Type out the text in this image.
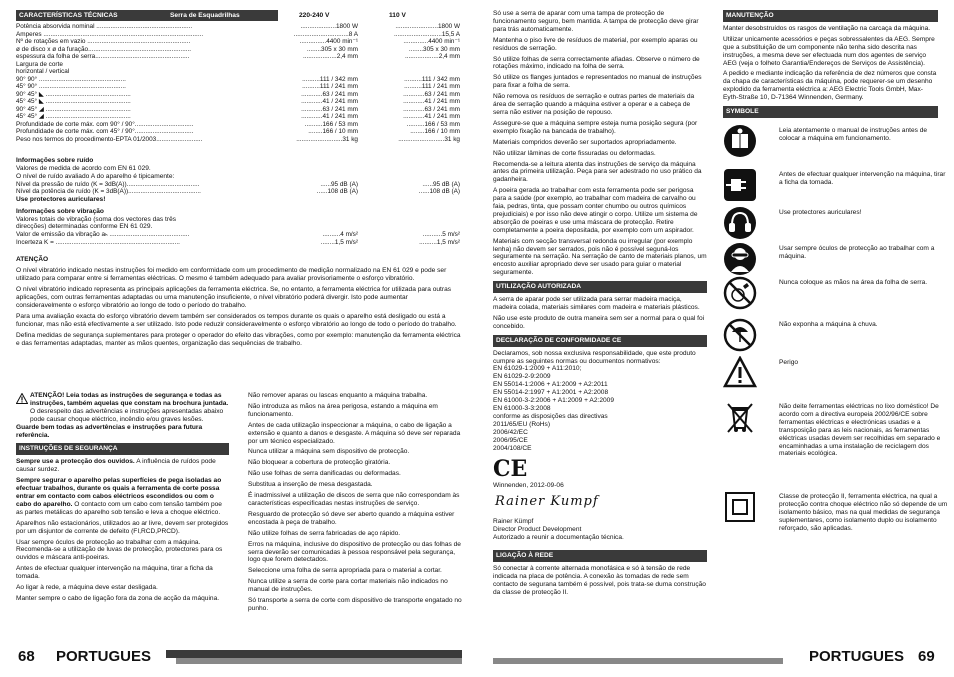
CARACTERÍSTICAS TÉCNICAS	Serra de Esquadrilhas	220-240 V	110 V
Potência absorvida nominal ......................................................	....................1800 W	........................1800 W
Amperes ..........................................................................................	...............................8 A	...........................15,5 A
Nº de rotações em vazio ..........................................................	...............4400 min⁻¹	..............4400 min⁻¹
ø de disco x ø da furação..........................................................	........305 x 30 mm	........305 x 30 mm
espessura da folha de serra.....................................................	...................2,4 mm	...................2,4 mm
Largura de corte		
horizontal / vertical		
90° 90° .................................................	..........111 / 342 mm	..........111 / 342 mm
45° 90° .................................................	..........111 / 241 mm	..........111 / 241 mm
90° 45° ◣ ................................................	............63 / 241 mm	............63 / 241 mm
45° 45° ◣ ................................................	............41 / 241 mm	............41 / 241 mm
90° 45° ◢ ................................................	............63 / 241 mm	............63 / 241 mm
45° 45° ◢ ................................................	............41 / 241 mm	............41 / 241 mm
Profundidade de corte máx. com 90° / 90°.................................	..........166 / 53 mm	..........166 / 53 mm
Profundidade de corte máx. com 45° / 90°.................................	........166 / 10 mm	........166 / 10 mm
Peso nos termos do procedimento-EPTA 01/2003..........................	..........................31 kg	..........................31 kg
Informações sobre ruído
Valores de medida de acordo com EN 61 029.
O nível de ruído avaliado A do aparelho é tipicamente:
Nível da pressão de ruído (K = 3dB(A)).........................................	......95 dB (A)	......95 dB (A)
Nível da potência de ruído (K = 3dB(A)).........................................	......108 dB (A)	......108 dB (A)
Use protectores auriculares!
Informações sobre vibração
Valores totais de vibração (soma dos vectores das três
direcções) determinadas conforme EN 61 029.
Valor de emissão da vibração aₕ .............................................	..........4 m/s²	...........5 m/s²
Incerteza K = ......................................................................	........1,5 m/s²	..........1,5 m/s²
ATENÇÃO

O nível vibratório indicado nestas instruções foi medido em conformidade com um procedimento de medição normalizado na EN 61 029 e pode ser utilizado para comparar entre si ferramentas eléctricas. O mesmo é também adequado para avaliar provisoriamente o esforço vibratório.

O nível vibratório indicado representa as principais aplicações da ferramenta eléctrica. Se, no entanto, a ferramenta eléctrica for utilizada para outras aplicações, com outras ferramentas adaptadas ou uma manutenção insuficiente, o nível vibratório poderá divergir. Isto pode aumentar consideravelmente o esforço vibratório ao longo de todo o período do trabalho.

Para uma avaliação exacta do esforço vibratório devem também ser considerados os tempos durante os quais o aparelho está desligado ou está a funcionar, mas não está efectivamente a ser utilizado. Isto pode reduzir consideravelmente o esforço vibratório ao longo de todo o período do trabalho.

Defina medidas de segurança suplementares para proteger o operador do efeito das vibrações, como por exemplo: manutenção da ferramenta eléctrica e das ferramentas adaptadas, manter as mãos quentes, organização das sequências de trabalho.

ATENÇÃO! Leia todas as instruções de segurança e todas as instruções, também aquelas que constam na brochura juntada. O desrespeito das advertências e instruções apresentadas abaixo pode causar choque eléctrico, incêndio e/ou graves lesões.
Guarde bem todas as advertências e instruções para futura referência.
INSTRUÇÕES DE SEGURANÇA

Sempre use a protecção dos ouvidos. A influência de ruídos pode causar surdez.

Sempre segurar o aparelho pelas superfícies de pega isoladas ao efectuar trabalhos, durante os quais a ferramenta de corte possa entrar em contacto com cabos eléctricos escondidos ou com o cabo do aparelho. O contacto com um cabo com tensão também poe as partes metálicas do aparelho sob tensão e leva a choque eléctrico.

Aparelhos não estacionários, utilizados ao ar livre, devem ser protegidos por um disjuntor de corrente de defeito (FI,RCD,PRCD).

Usar sempre óculos de protecção ao trabalhar com a máquina. Recomenda-se a utilização de luvas de protecção, protectores para os ouvidos e máscara anti-poeiras.

Antes de efectuar qualquer intervenção na máquina, tirar a ficha da tomada.

Ao ligar à rede, a máquina deve estar desligada.

Manter sempre o cabo de ligação fora da zona de acção da máquina.

Não remover aparas ou lascas enquanto a máquina trabalha.

Não introduza as mãos na área perigosa, estando a máquina em funcionamento.

Antes de cada utilização inspeccionar a máquina, o cabo de ligação a extensão e quanto a danos e desgaste. A máquina só deve ser reparada por um técnico especializado.

Nunca utilizar a máquina sem dispositivo de protecção.

Não bloquear a cobertura de protecção giratória.

Não use folhas de serra danificadas ou deformadas.

Substitua a inserção de mesa desgastada.

É inadmissível a utilização de discos de serra que não correspondam às características especificadas nestas instruções de serviço.

Resguardo de protecção só deve ser aberto quando a máquina estiver encostada à peça de trabalho.

Não utilize folhas de serra fabricadas de aço rápido.

Erros na máquina, inclusive do dispositivo de protecção ou das folhas de serra deverão ser comunicadas à pessoa responsável pela segurança, logo que forem detectados.

Seleccione uma folha de serra apropriada para o material a cortar.

Nunca utilize a serra de corte para cortar materiais não indicados no manual de instruções.

Só transporte a serra de corte com dispositivo de transporte engatado no punho.

68 PORTUGUES

Só use a serra de aparar com uma tampa de protecção de funcionamento seguro, bem mantida. A tampa de protecção deve girar para trás automaticamente.

Mantenha o piso livre de resíduos de material, por exemplo aparas ou resíduos de serração.

Só utilize folhas de serra correctamente afiadas. Observe o número de rotações máximo, indicado na folha de serra.

Só utilize os flanges juntados e representados no manual de instruções para fixar a folha de serra.

Não remova os resíduos de serração e outras partes de materiais da área de serração quando a máquina estiver a operar e a cabeça de serra não estiver na posição de repouso.

Assegure-se que a máquina sempre esteja numa posição segura (por exemplo fixação na bancada de trabalho).

Materiais compridos deverão ser suportados apropriadamente.

Não utilizar lâminas de corte fissuradas ou deformadas.

Recomenda-se a leitura atenta das instruções de serviço da máquina antes da primeira utilização. Peça para ser adestrado no uso prático da gadanheira.

A poeira gerada ao trabalhar com esta ferramenta pode ser perigosa para a saúde (por exemplo, ao trabalhar com madeira de carvalho ou faia, pedras, tinta, que possam conter chumbo ou outros químicos prejudiciais) e por isso não deve atingir o corpo. Utilize um sistema de absorção de poeiras e use uma máscara de protecção. Retire completamente a poeira depositada, por exemplo com um aspirador.

Materiais com secção transversal redonda ou irregular (por exemplo lenha) não devem ser serrados, pois não é possível seguná-los seguramente na serração. Na serração de canto de materiais planos, um encosto auxiliar apropriado deve ser usado para guiar o material seguramente.

UTILIZAÇÃO AUTORIZADA

A serra de aparar pode ser utilizada para serrar madeira maciça, madeira colada, materiais similares com madeira e materiais plásticos.

Não use este produto de outra maneira sem ser a normal para o qual foi concebido.

DECLARAÇÃO DE CONFORMIDADE CE
Declaramos, sob nossa exclusiva responsabilidade, que este produto cumpre as seguintes normas ou documentos normativos:
EN 61029-1:2009 + A11:2010;
EN 61029-2-9:2009
EN 55014-1:2006 + A1:2009 + A2:2011
EN 55014-2:1997 + A1:2001 + A2:2008
EN 61000-3-2:2006 + A1:2009 + A2:2009
EN 61000-3-3:2008
conforme as disposições das directivas
2011/65/EU (RoHs)
2006/42/EC
2006/95/CE
2004/108/CE
CE
Winnenden, 2012-09-06
Rainer Kumpf
Rainer Kümpf
Director Product Development
Autorizado a reunir a documentação técnica.
LIGAÇÃO À REDE
Só conectar à corrente alternada monofásica e só à tensão de rede indicada na placa de potência. A conexão às tomadas de rede sem contacto de segurana também é possível, pois trata-se duma construção da classe de protecção II.
MANUTENÇÃO

Manter desobstruídos os rasgos de ventilação na carcaça da máquina.

Utilizar unicamente acessórios e peças sobressalentes da AEG. Sempre que a substituição de um componente não tenha sido descrita nas instruções, a mesma deve ser efectuada num dos agentes de serviço AEG (veja o folheto Garantia/Endereços de Serviços de Assistência).

A pedido e mediante indicação da referência de dez números que consta da chapa de características da máquina, pode requerer-se um desenho explodido da ferramenta eléctrica a: AEG Electric Tools GmbH, Max-Eyth-Straße 10, D-71364 Winnenden, Germany.

SYMBOLE
Leia atentamente o manual de instruções antes de colocar a máquina em funcionamento.
Antes de efectuar qualquer intervenção na máquina, tirar a ficha da tomada.
Use protectores auriculares!
Usar sempre óculos de protecção ao trabalhar com a máquina.
Nunca coloque as mãos na área da folha de serra.
Não exponha a máquina à chuva.
Perigo
Não deite ferramentas eléctricas no lixo doméstico! De acordo com a directiva europeia 2002/96/CE sobre ferramentas eléctricas e electrónicas usadas e a transposição para as leis nacionais, as ferramentas eléctricas usadas devem ser recolhidas em separado e encaminhadas a uma instalação de reciclagem dos materiais ecológica.
Classe de protecção II, ferramenta eléctrica, na qual a protecção contra choque eléctrico não só depende de um isolamento básico, mas na qual medidas de segurança suplementares, como isolamento duplo ou isolamento reforçado, são aplicadas.
PORTUGUES 69
